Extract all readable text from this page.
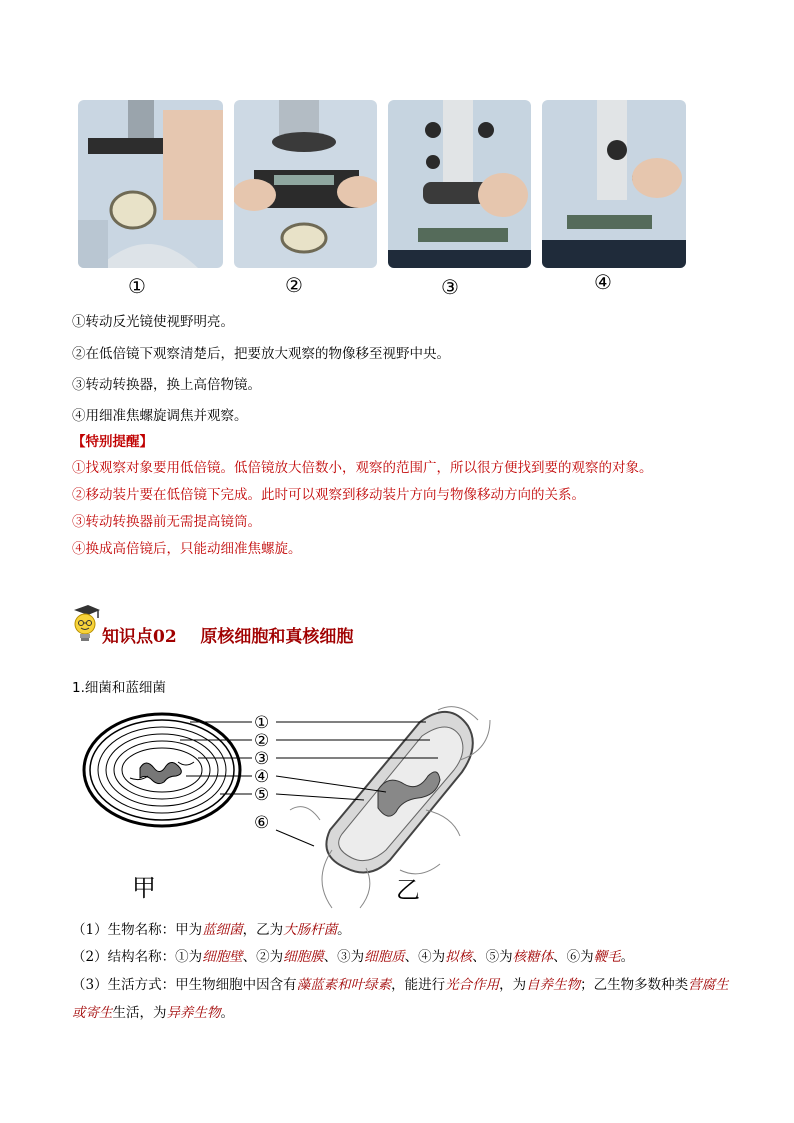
①	②	③	④
①转动反光镜使视野明亮。
②在低倍镜下观察清楚后，把要放大观察的物像移至视野中央。
③转动转换器，换上高倍物镜。
④用细准焦螺旋调焦并观察。
【特别提醒】
①找观察对象要用低倍镜。低倍镜放大倍数小，观察的范围广，所以很方便找到要的观察的对象。
②移动装片要在低倍镜下完成。此时可以观察到移动装片方向与物像移动方向的关系。
③转动转换器前无需提高镜筒。
④换成高倍镜后，只能动细准焦螺旋。
知识点02    原核细胞和真核细胞
1.细菌和蓝细菌
①
②
③
④
⑤
⑥
甲	乙
（1）生物名称：甲为蓝细菌，乙为大肠杆菌。
（2）结构名称：①为细胞壁、②为细胞膜、③为细胞质、④为拟核、⑤为核糖体、⑥为鞭毛。
（3）生活方式：甲生物细胞中因含有藻蓝素和叶绿素，能进行光合作用，为自养生物；乙生物多数种类营腐生或寄生生活，为异养生物。
